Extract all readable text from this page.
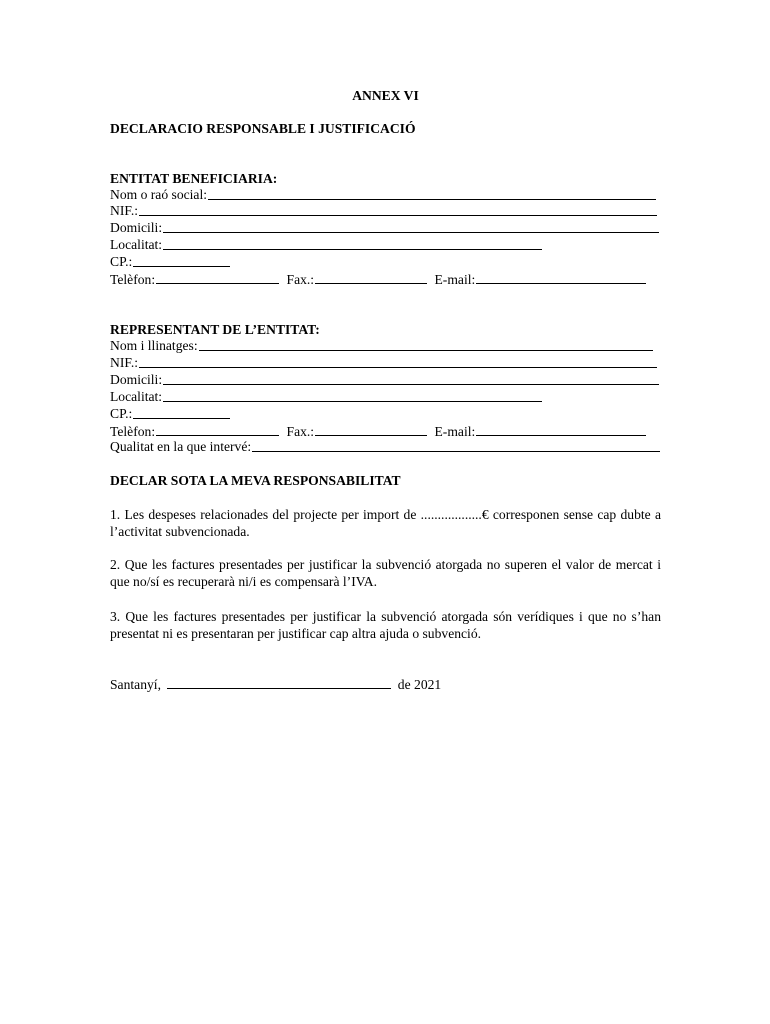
ANNEX VI
DECLARACIO RESPONSABLE I JUSTIFICACIÓ
ENTITAT BENEFICIARIA:
Nom o raó social:
NIF.:
Domicili:
Localitat:
CP.:
Telèfon:	Fax.:	E-mail:
REPRESENTANT DE L’ENTITAT:
Nom i llinatges:
NIF.:
Domicili:
Localitat:
CP.:
Telèfon:	Fax.:	E-mail:
Qualitat en la que intervé:
DECLAR SOTA LA MEVA RESPONSABILITAT
1. Les despeses relacionades del projecte per import de ..................€ corresponen sense cap dubte a l’activitat subvencionada.
2. Que les factures presentades per justificar la subvenció atorgada no superen el valor de mercat i que no/sí es recuperarà ni/i es compensarà l’IVA.
3. Que les factures presentades per justificar la subvenció atorgada són verídiques i que no s’han presentat ni es presentaran per justificar cap altra ajuda o subvenció.
Santanyí,	de 2021
